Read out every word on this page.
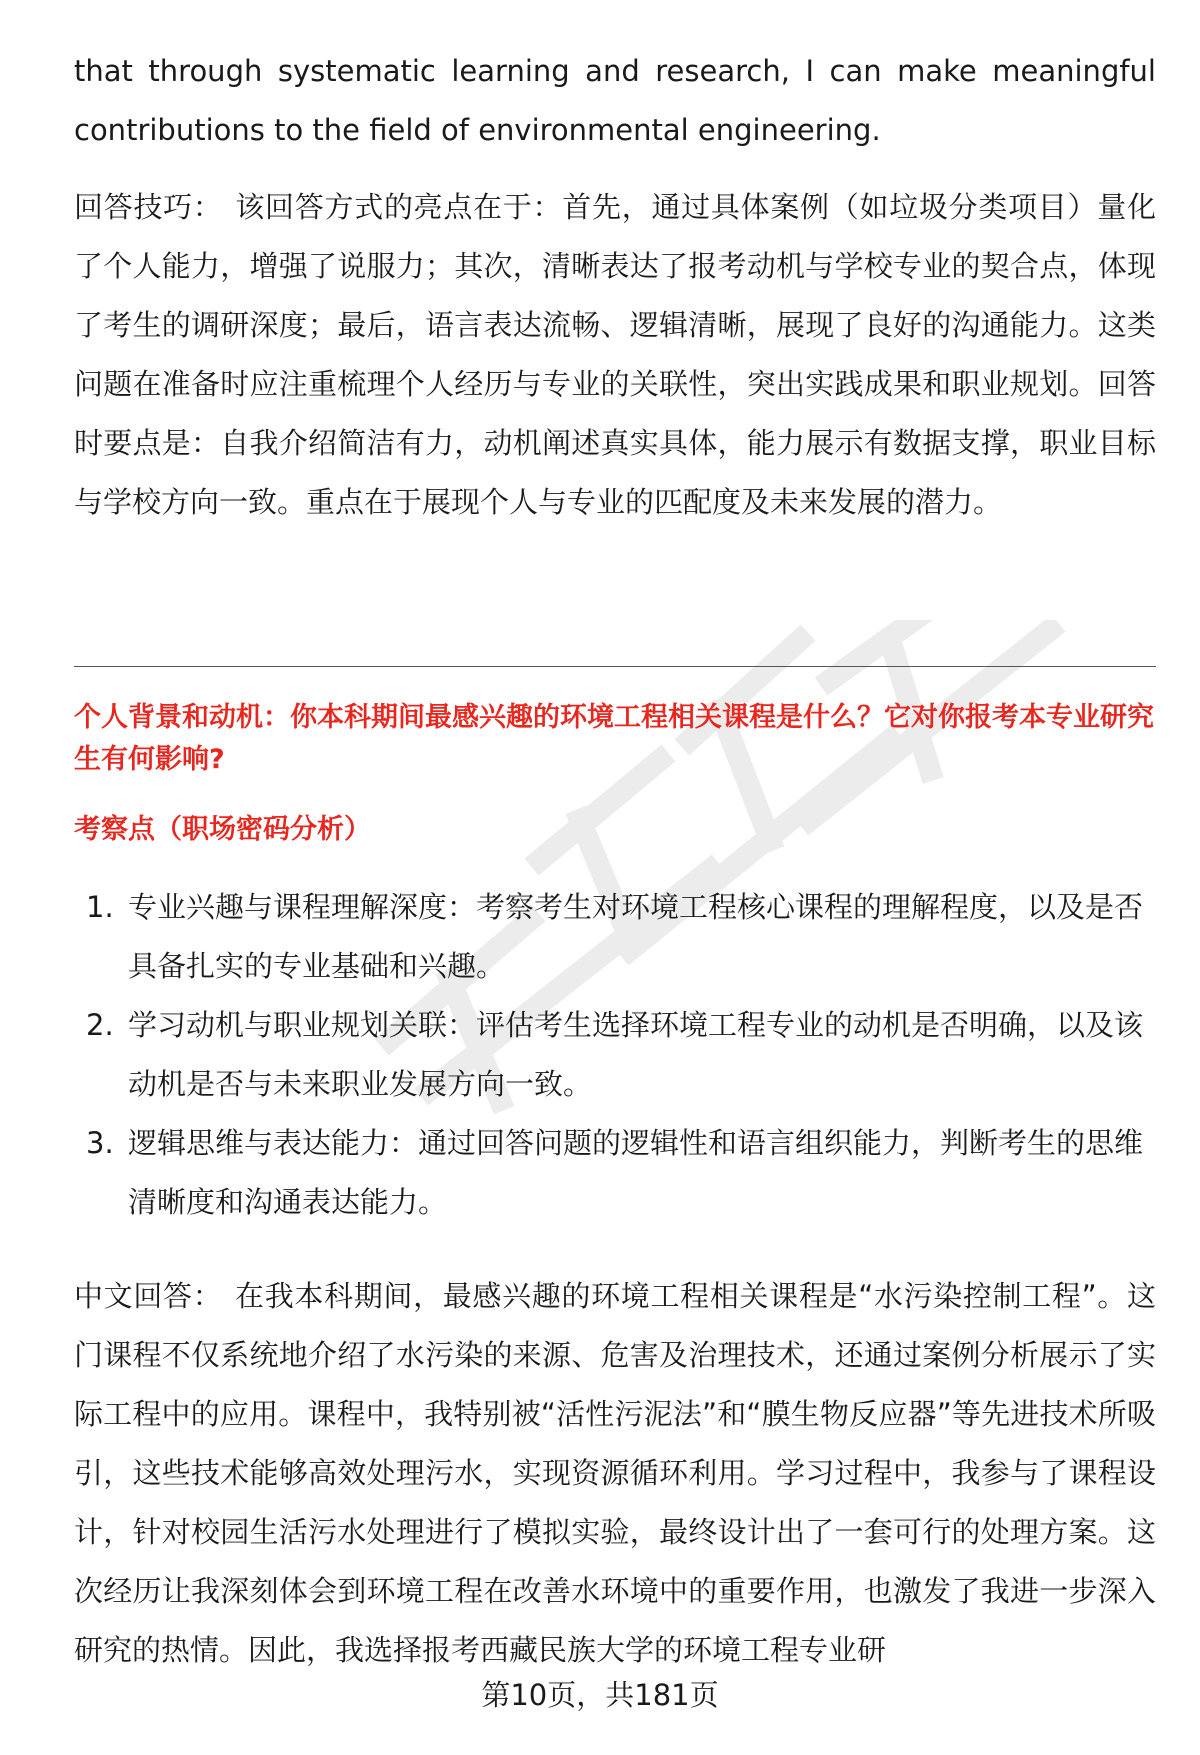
that through systematic learning and research, I can make meaningful contributions to the field of environmental engineering.

回答技巧： 该回答方式的亮点在于：首先，通过具体案例（如垃圾分类项目）量化了个人能力，增强了说服力；其次，清晰表达了报考动机与学校专业的契合点，体现了考生的调研深度；最后，语言表达流畅、逻辑清晰，展现了良好的沟通能力。这类问题在准备时应注重梳理个人经历与专业的关联性，突出实践成果和职业规划。回答时要点是：自我介绍简洁有力，动机阐述真实具体，能力展示有数据支撑，职业目标与学校方向一致。重点在于展现个人与专业的匹配度及未来发展的潜力。

个人背景和动机：你本科期间最感兴趣的环境工程相关课程是什么？它对你报考本专业研究生有何影响?

考察点（职场密码分析）

1. 专业兴趣与课程理解深度：考察考生对环境工程核心课程的理解程度，以及是否具备扎实的专业基础和兴趣。
2. 学习动机与职业规划关联：评估考生选择环境工程专业的动机是否明确，以及该动机是否与未来职业发展方向一致。
3. 逻辑思维与表达能力：通过回答问题的逻辑性和语言组织能力，判断考生的思维清晰度和沟通表达能力。

中文回答： 在我本科期间，最感兴趣的环境工程相关课程是“水污染控制工程”。这门课程不仅系统地介绍了水污染的来源、危害及治理技术，还通过案例分析展示了实际工程中的应用。课程中，我特别被“活性污泥法”和“膜生物反应器”等先进技术所吸引，这些技术能够高效处理污水，实现资源循环利用。学习过程中，我参与了课程设计，针对校园生活污水处理进行了模拟实验，最终设计出了一套可行的处理方案。这次经历让我深刻体会到环境工程在改善水环境中的重要作用，也激发了我进一步深入研究的热情。因此，我选择报考西藏民族大学的环境工程专业研

第10页，共181页
